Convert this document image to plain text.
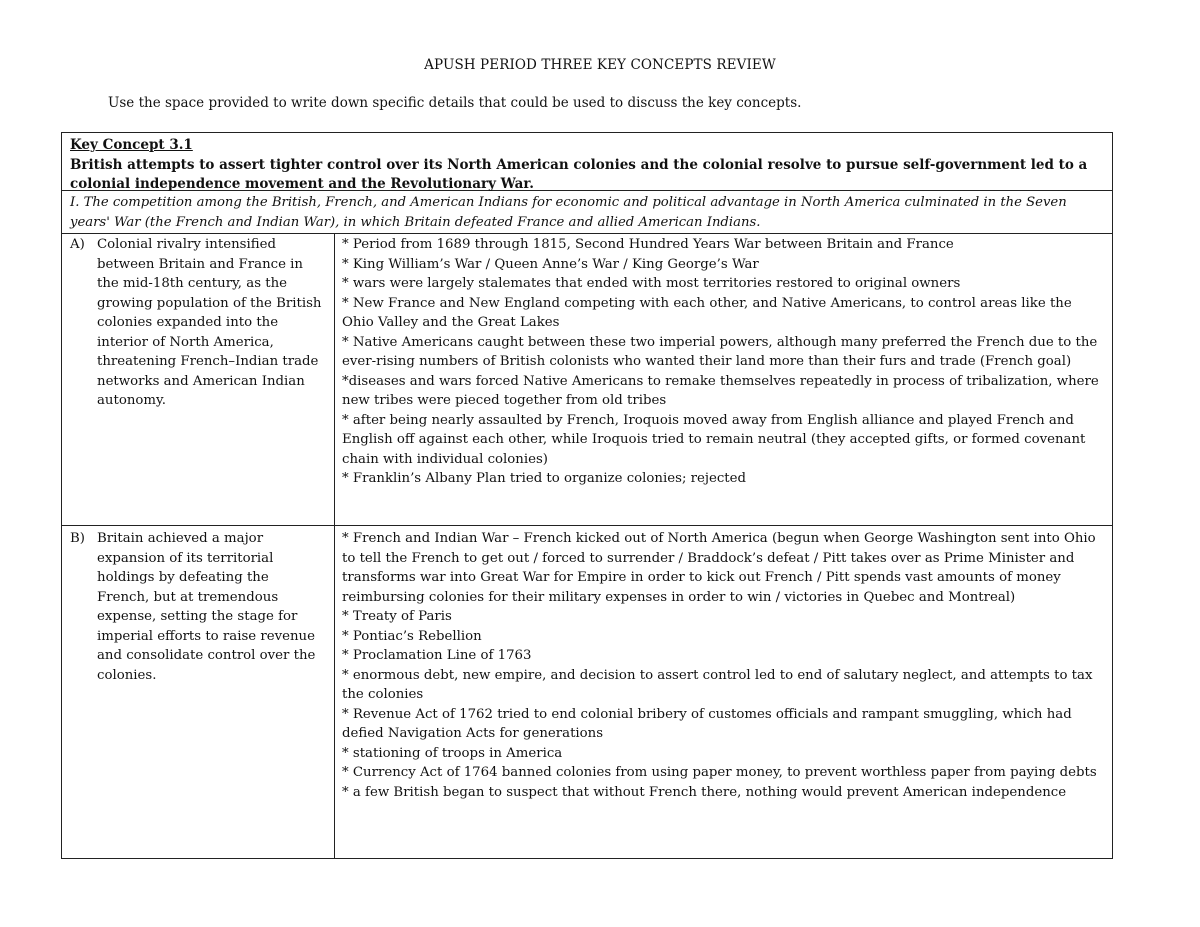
APUSH PERIOD THREE KEY CONCEPTS REVIEW
Use the space provided to write down specific details that could be used to discuss the key concepts.
Key Concept 3.1
British attempts to assert tighter control over its North American colonies and the colonial resolve to pursue self-government led to a colonial independence movement and the Revolutionary War.
I. The competition among the British, French, and American Indians for economic and political advantage in North America culminated in the Seven years' War (the French and Indian War), in which Britain defeated France and allied American Indians.
A) Colonial rivalry intensified between Britain and France in the mid-18th century, as the growing population of the British colonies expanded into the interior of North America, threatening French–Indian trade networks and American Indian autonomy.
* Period from 1689 through 1815, Second Hundred Years War between Britain and France
* King William’s War / Queen Anne’s War / King George’s War
* wars were largely stalemates that ended with most territories restored to original owners
* New France and New England competing with each other, and Native Americans, to control areas like the Ohio Valley and the Great Lakes
* Native Americans caught between these two imperial powers, although many preferred the French due to the ever-rising numbers of British colonists who wanted their land more than their furs and trade (French goal)
*diseases and wars forced Native Americans to remake themselves repeatedly in process of tribalization, where new tribes were pieced together from old tribes
* after being nearly assaulted by French, Iroquois moved away from English alliance and played French and English off against each other, while Iroquois tried to remain neutral (they accepted gifts, or formed covenant chain with individual colonies)
* Franklin’s Albany Plan tried to organize colonies; rejected
B) Britain achieved a major expansion of its territorial holdings by defeating the French, but at tremendous expense, setting the stage for imperial efforts to raise revenue and consolidate control over the colonies.
* French and Indian War – French kicked out of North America (begun when George Washington sent into Ohio to tell the French to get out / forced to surrender / Braddock’s defeat / Pitt takes over as Prime Minister and transforms war into Great War for Empire in order to kick out French / Pitt spends vast amounts of money reimbursing colonies for their military expenses in order to win / victories in Quebec and Montreal)
* Treaty of Paris
* Pontiac’s Rebellion
* Proclamation Line of 1763
* enormous debt, new empire, and decision to assert control led to end of salutary neglect, and attempts to tax the colonies
* Revenue Act of 1762 tried to end colonial bribery of customes officials and rampant smuggling, which had defied Navigation Acts for generations
* stationing of troops in America
* Currency Act of 1764 banned colonies from using paper money, to prevent worthless paper from paying debts
* a few British began to suspect that without French there, nothing would prevent American independence
